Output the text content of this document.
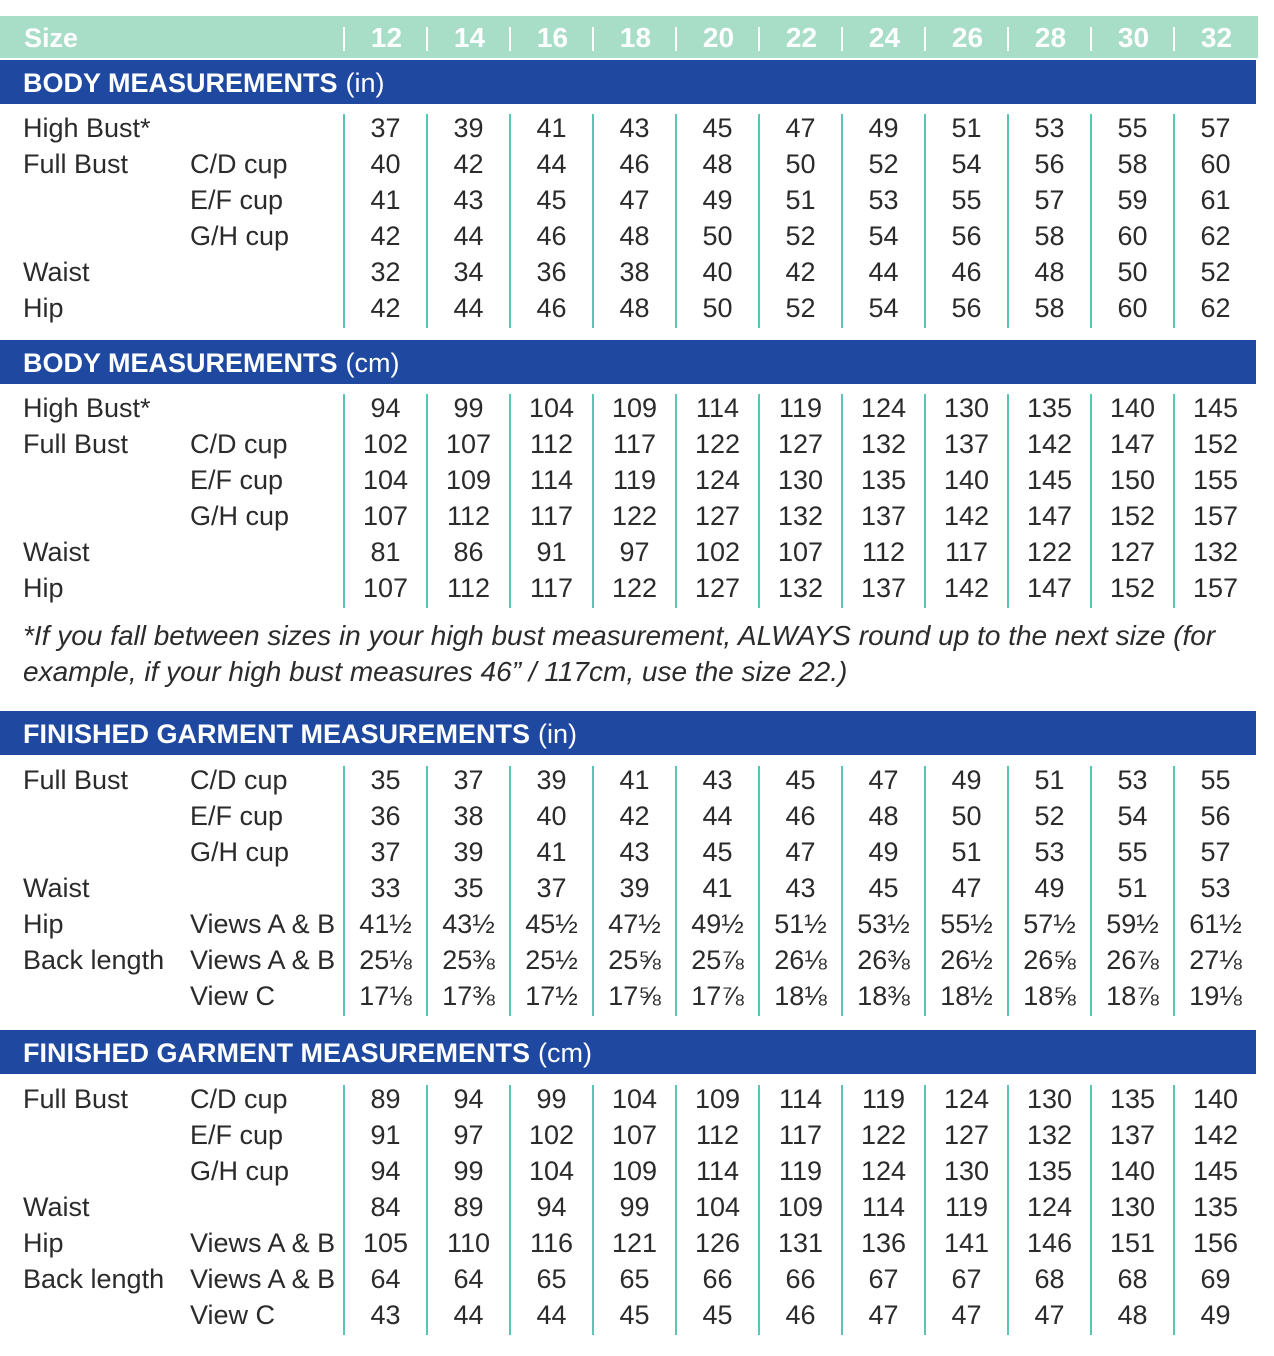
Size	12	14	16	18	20	22	24	26	28	30	32
BODY MEASUREMENTS (in)
High Bust*	37	39	41	43	45	47	49	51	53	55	57
Full Bust C/D cup	40	42	44	46	48	50	52	54	56	58	60
E/F cup	41	43	45	47	49	51	53	55	57	59	61
G/H cup	42	44	46	48	50	52	54	56	58	60	62
Waist	32	34	36	38	40	42	44	46	48	50	52
Hip	42	44	46	48	50	52	54	56	58	60	62
BODY MEASUREMENTS (cm)
High Bust*	94	99	104	109	114	119	124	130	135	140	145
Full Bust C/D cup	102	107	112	117	122	127	132	137	142	147	152
E/F cup	104	109	114	119	124	130	135	140	145	150	155
G/H cup	107	112	117	122	127	132	137	142	147	152	157
Waist	81	86	91	97	102	107	112	117	122	127	132
Hip	107	112	117	122	127	132	137	142	147	152	157
FINISHED GARMENT MEASUREMENTS (in)
Full Bust C/D cup	35	37	39	41	43	45	47	49	51	53	55
E/F cup	36	38	40	42	44	46	48	50	52	54	56
G/H cup	37	39	41	43	45	47	49	51	53	55	57
Waist	33	35	37	39	41	43	45	47	49	51	53
Hip	Views A & B 41½	43½	45½	47½	49½	51½	53½	55½	57½	59½	61½
Back length Views A & B 25⅛	25⅜	25½	25⅝	25⅞	26⅛	26⅜	26½	26⅝	26⅞	27⅛
View C	17⅛	17⅜	17½	17⅝	17⅞	18⅛	18⅜	18½	18⅝	18⅞	19⅛
FINISHED GARMENT MEASUREMENTS (cm)
Full Bust C/D cup	89	94	99	104	109	114	119	124	130	135	140
E/F cup	91	97	102	107	112	117	122	127	132	137	142
G/H cup	94	99	104	109	114	119	124	130	135	140	145
Waist	84	89	94	99	104	109	114	119	124	130	135
Hip	Views A & B	105	110	116	121	126	131	136	141	146	151	156
Back length Views A & B	64	64	65	65	66	66	67	67	68	68	69
View C	43	44	44	45	45	46	47	47	47	48	49
*If you fall between sizes in your high bust measurement, ALWAYS round up to the next size (for example, if your high bust measures 46” / 117cm, use the size 22.)
